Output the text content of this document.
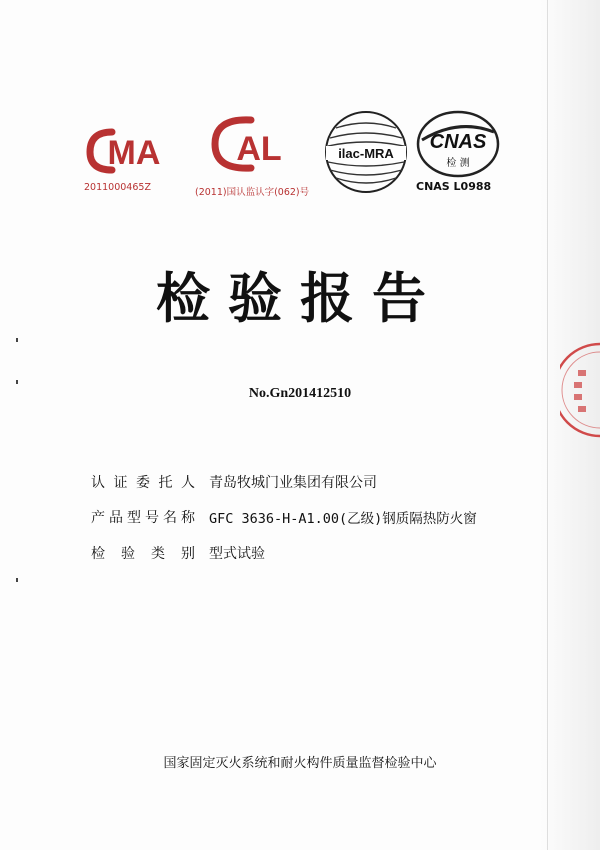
MA
2011000465Z
AL
(2011)国认监认字(062)号
ilac-MRA
CNAS
检 测
CNAS L0988
检验报告
No.Gn201412510
认 证 委 托 人 青岛牧城门业集团有限公司
产 品 型 号 名 称 GFC 3636-H-A1.00(乙级)钢质隔热防火窗
检 验 类 别 型式试验
国家固定灭火系统和耐火构件质量监督检验中心
